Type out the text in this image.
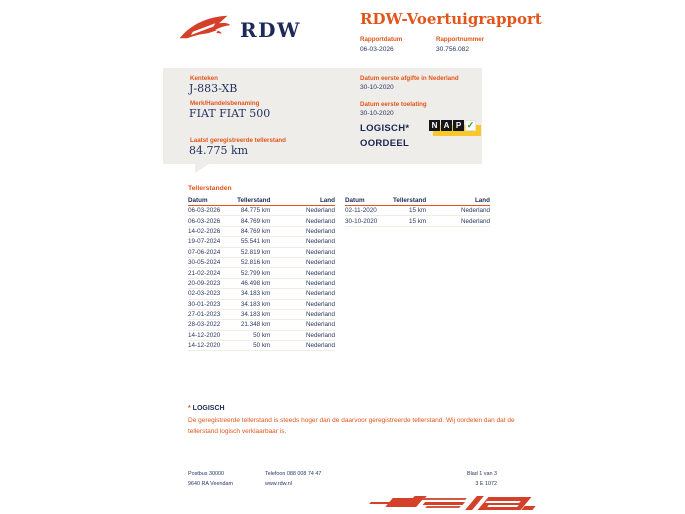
RDW	RDW-Voertuigrapport
Rapportdatum
06-03-2026
Rapportnummer
30.756.082
Kenteken
J-883-XB
Merk/Handelsbenaming
FIAT FIAT 500
Laatst geregistreerde tellerstand
84.775 km
Datum eerste afgifte in Nederland
30-10-2020
Datum eerste toelating
30-10-2020
LOGISCH*
OORDEEL
N A P ✓
Tellerstanden
Datum	Tellerstand	Land
06-03-2026	84.775 km	Nederland
06-03-2026	84.769 km	Nederland
14-02-2026	84.769 km	Nederland
19-07-2024	55.541 km	Nederland
07-06-2024	52.819 km	Nederland
30-05-2024	52.816 km	Nederland
21-02-2024	52.799 km	Nederland
20-09-2023	46.498 km	Nederland
02-03-2023	34.183 km	Nederland
30-01-2023	34.183 km	Nederland
27-01-2023	34.183 km	Nederland
28-03-2022	21.348 km	Nederland
14-12-2020	50 km	Nederland
14-12-2020	50 km	Nederland
Datum	Tellerstand	Land
02-11-2020	15 km	Nederland
30-10-2020	15 km	Nederland
* LOGISCH
De geregistreerde tellerstand is steeds hoger dan de daarvoor geregistreerde tellerstand. Wij oordelen dan dat de tellerstand logisch verklaarbaar is.
Postbus 30000
9640 RA Veendam
Telefoon 088 008 74 47
www.rdw.nl
Blad 1 van 3
3 E 1072
